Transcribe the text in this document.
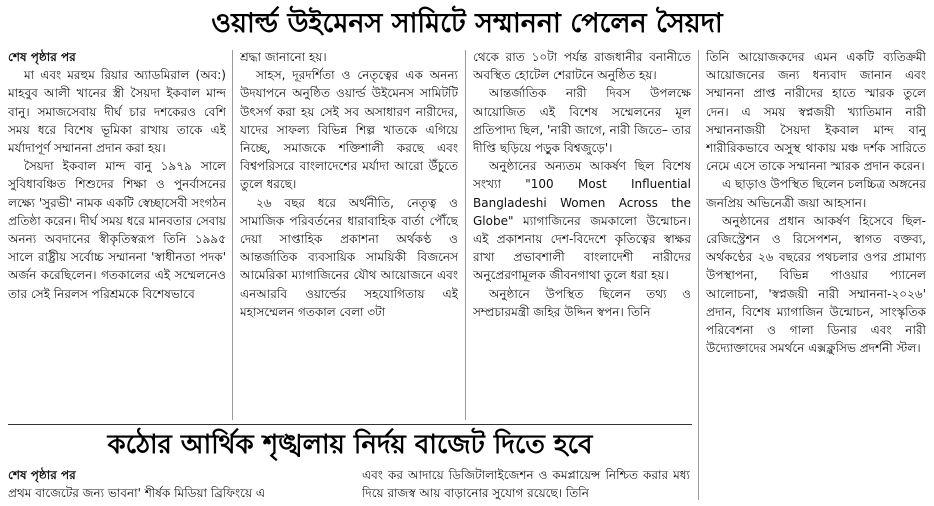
ওয়ার্ল্ড উইমেনস সামিটে সম্মাননা পেলেন সৈয়দা
শেষ পৃষ্ঠার পর

মা এবং মরহুম রিয়ার অ্যাডমিরাল (অব:) মাহবুব আলী খানের স্ত্রী সৈয়দা ইকবাল মান্দ বানু। সমাজসেবায় দীর্ঘ চার দশকেরও বেশি সময় ধরে বিশেষ ভূমিকা রাখায় তাকে এই মর্যাদাপূর্ণ সম্মাননা প্রদান করা হয়।

সৈয়দা ইকবাল মান্দ বানু ১৯৭৯ সালে সুবিধাবঞ্চিত শিশুদের শিক্ষা ও পুনর্বাসনের লক্ষ্যে 'সুরভী' নামক একটি স্বেচ্ছাসেবী সংগঠন প্রতিষ্ঠা করেন। দীর্ঘ সময় ধরে মানবতার সেবায় অনন্য অবদানের স্বীকৃতিস্বরূপ তিনি ১৯৯৫ সালে রাষ্ট্রীয় সর্বোচ্চ সম্মাননা 'স্বাধীনতা পদক' অর্জন করেছিলেন। গতকালের এই সম্মেলনেও তার সেই নিরলস পরিশ্রমকে বিশেষভাবে

শ্রদ্ধা জানানো হয়।

সাহস, দূরদর্শিতা ও নেতৃত্বের এক অনন্য উদযাপনে অনুষ্ঠিত ওয়ার্ল্ড উইমেনস সামিটটি উৎসর্গ করা হয় সেই সব অসাধারণ নারীদের, যাদের সাফল্য বিভিন্ন শিল্প খাতকে এগিয়ে নিচ্ছে, সমাজকে শক্তিশালী করছে এবং বিশ্বপরিসরে বাংলাদেশের মর্যাদা আরো উঁচুতে তুলে ধরছে।

২৬ বছর ধরে অর্থনীতি, নেতৃত্ব ও সামাজিক পরিবর্তনের ধারাবাহিক বার্তা পৌঁছে দেয়া সাপ্তাহিক প্রকাশনা অর্থকণ্ঠ ও আন্তর্জাতিক ব্যবসায়িক সাময়িকী বিজনেস আমেরিকা ম্যাগাজিনের যৌথ আয়োজনে এবং এনআরবি ওয়ার্ল্ডের সহযোগিতায় এই মহাসম্মেলন গতকাল বেলা ৩টা

থেকে রাত ১০টা পর্যন্ত রাজধানীর বনানীতে অবস্থিত হোটেল শেরাটনে অনুষ্ঠিত হয়।

আন্তর্জাতিক নারী দিবস উপলক্ষে আয়োজিত এই বিশেষ সম্মেলনের মূল প্রতিপাদ্য ছিল, 'নারী জাগে, নারী জিতে– তার দীপ্তি ছড়িয়ে পড়ুক বিশ্বজুড়ে'।

অনুষ্ঠানের অন্যতম আকর্ষণ ছিল বিশেষ সংখ্যা "100 Most Influential Bangladeshi Women Across the Globe" ম্যাগাজিনের জমকালো উন্মোচন। এই প্রকাশনায় দেশ-বিদেশে কৃতিত্বের স্বাক্ষর রাখা প্রভাবশালী বাংলাদেশী নারীদের অনুপ্রেরণামূলক জীবনগাথা তুলে ধরা হয়।

অনুষ্ঠানে উপস্থিত ছিলেন তথ্য ও সম্প্রচারমন্ত্রী জহির উদ্দিন স্বপন। তিনি

তিনি আয়োজকদের এমন একটি ব্যতিক্রমী আয়োজনের জন্য ধন্যবাদ জানান এবং সম্মাননা প্রাপ্ত নারীদের হাতে স্মারক তুলে দেন। এ সময় স্বপ্নজয়ী খ্যাতিমান নারী সম্মাননাজয়ী সৈয়দা ইকবাল মান্দ বানু শারীরিকভাবে অসুস্থ থাকায় মঞ্চ দর্শক সারিতে নেমে এসে তাকে সম্মাননা স্মারক প্রদান করেন।

এ ছাড়াও উপস্থিত ছিলেন চলচ্চিত্র অঙ্গনের জনপ্রিয় অভিনেত্রী জয়া আহসান।

অনুষ্ঠানের প্রধান আকর্ষণ হিসেবে ছিল- রেজিস্ট্রেশন ও রিসেপশন, স্বাগত বক্তব্য, অর্থকণ্ঠের ২৬ বছরের পথচলার ওপর প্রামাণ্য উপস্থাপনা, বিভিন্ন পাওয়ার প্যানেল আলোচনা, 'স্বপ্নজয়ী নারী সম্মাননা-২০২৬' প্রদান, বিশেষ ম্যাগাজিন উন্মোচন, সাংস্কৃতিক পরিবেশনা ও গালা ডিনার এবং নারী উদ্যোক্তাদের সমর্থনে এক্সক্লুসিভ প্রদর্শনী স্টল।

কঠোর আর্থিক শৃঙ্খলায় নির্দয় বাজেট দিতে হবে
শেষ পৃষ্ঠার পর

প্রথম বাজেটের জন্য ভাবনা' শীর্ষক মিডিয়া ব্রিফিংয়ে এ

এবং কর আদায়ে ডিজিটালাইজেশন ও কমপ্লায়েন্স নিশ্চিত করার মধ্য দিয়ে রাজস্ব আয় বাড়ানোর সুযোগ রয়েছে। তিনি
